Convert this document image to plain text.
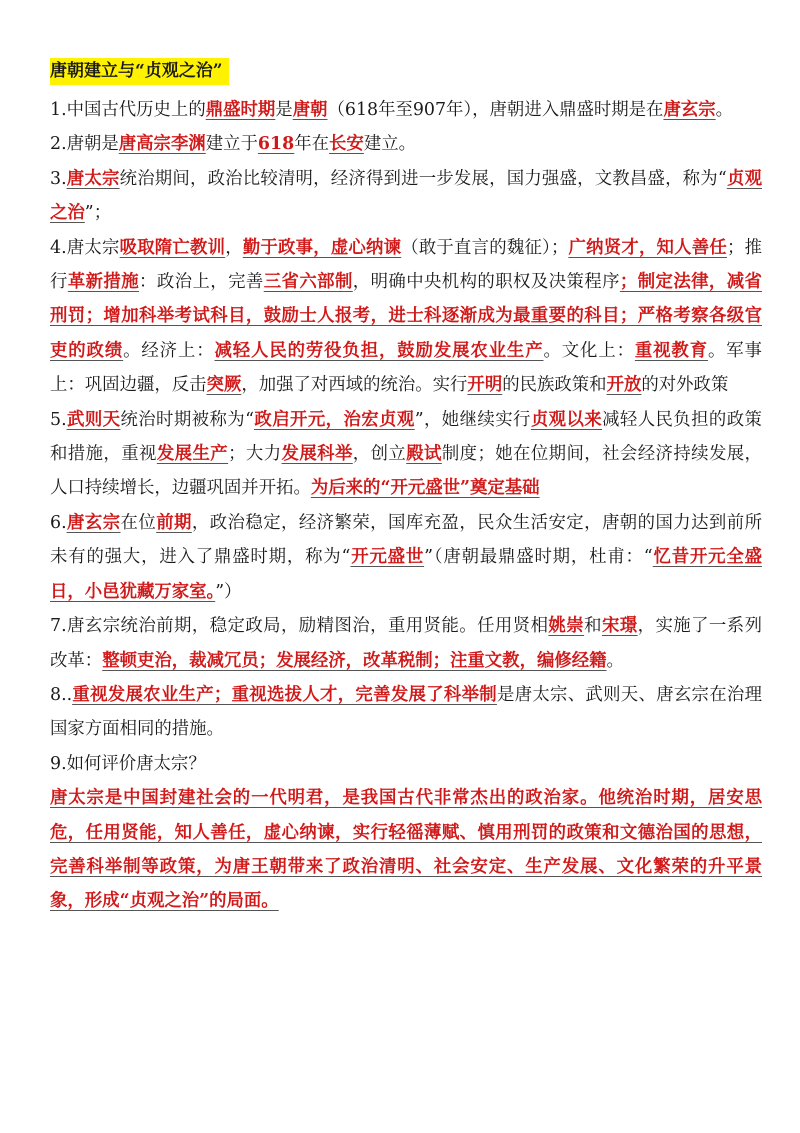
唐朝建立与“贞观之治”

1.中国古代历史上的鼎盛时期是唐朝（618年至907年），唐朝进入鼎盛时期是在唐玄宗。

2.唐朝是唐高宗李渊建立于618年在长安建立。

3.唐太宗统治期间，政治比较清明，经济得到进一步发展，国力强盛，文教昌盛，称为“贞观之治”；

4.唐太宗吸取隋亡教训，勤于政事，虚心纳谏（敢于直言的魏征）；广纳贤才，知人善任；推行革新措施：政治上，完善三省六部制，明确中央机构的职权及决策程序；制定法律，减省刑罚；增加科举考试科目，鼓励士人报考，进士科逐渐成为最重要的科目；严格考察各级官吏的政绩。经济上：减轻人民的劳役负担，鼓励发展农业生产。文化上：重视教育。军事上：巩固边疆，反击突厥，加强了对西域的统治。实行开明的民族政策和开放的对外政策

5.武则天统治时期被称为“政启开元，治宏贞观”，她继续实行贞观以来减轻人民负担的政策和措施，重视发展生产；大力发展科举，创立殿试制度；她在位期间，社会经济持续发展，人口持续增长，边疆巩固并开拓。为后来的“开元盛世”奠定基础

6.唐玄宗在位前期，政治稳定，经济繁荣，国库充盈，民众生活安定，唐朝的国力达到前所未有的强大，进入了鼎盛时期，称为“开元盛世”（唐朝最鼎盛时期，杜甫：“忆昔开元全盛日，小邑犹藏万家室。”）

7.唐玄宗统治前期，稳定政局，励精图治，重用贤能。任用贤相姚崇和宋璟，实施了一系列改革：整顿吏治，裁减冗员；发展经济，改革税制；注重文教，编修经籍。

8..重视发展农业生产；重视选拔人才，完善发展了科举制是唐太宗、武则天、唐玄宗在治理国家方面相同的措施。

9.如何评价唐太宗？

唐太宗是中国封建社会的一代明君，是我国古代非常杰出的政治家。他统治时期，居安思危，任用贤能，知人善任，虚心纳谏，实行轻徭薄赋、慎用刑罚的政策和文德治国的思想，完善科举制等政策，为唐王朝带来了政治清明、社会安定、生产发展、文化繁荣的升平景象，形成“贞观之治”的局面。
